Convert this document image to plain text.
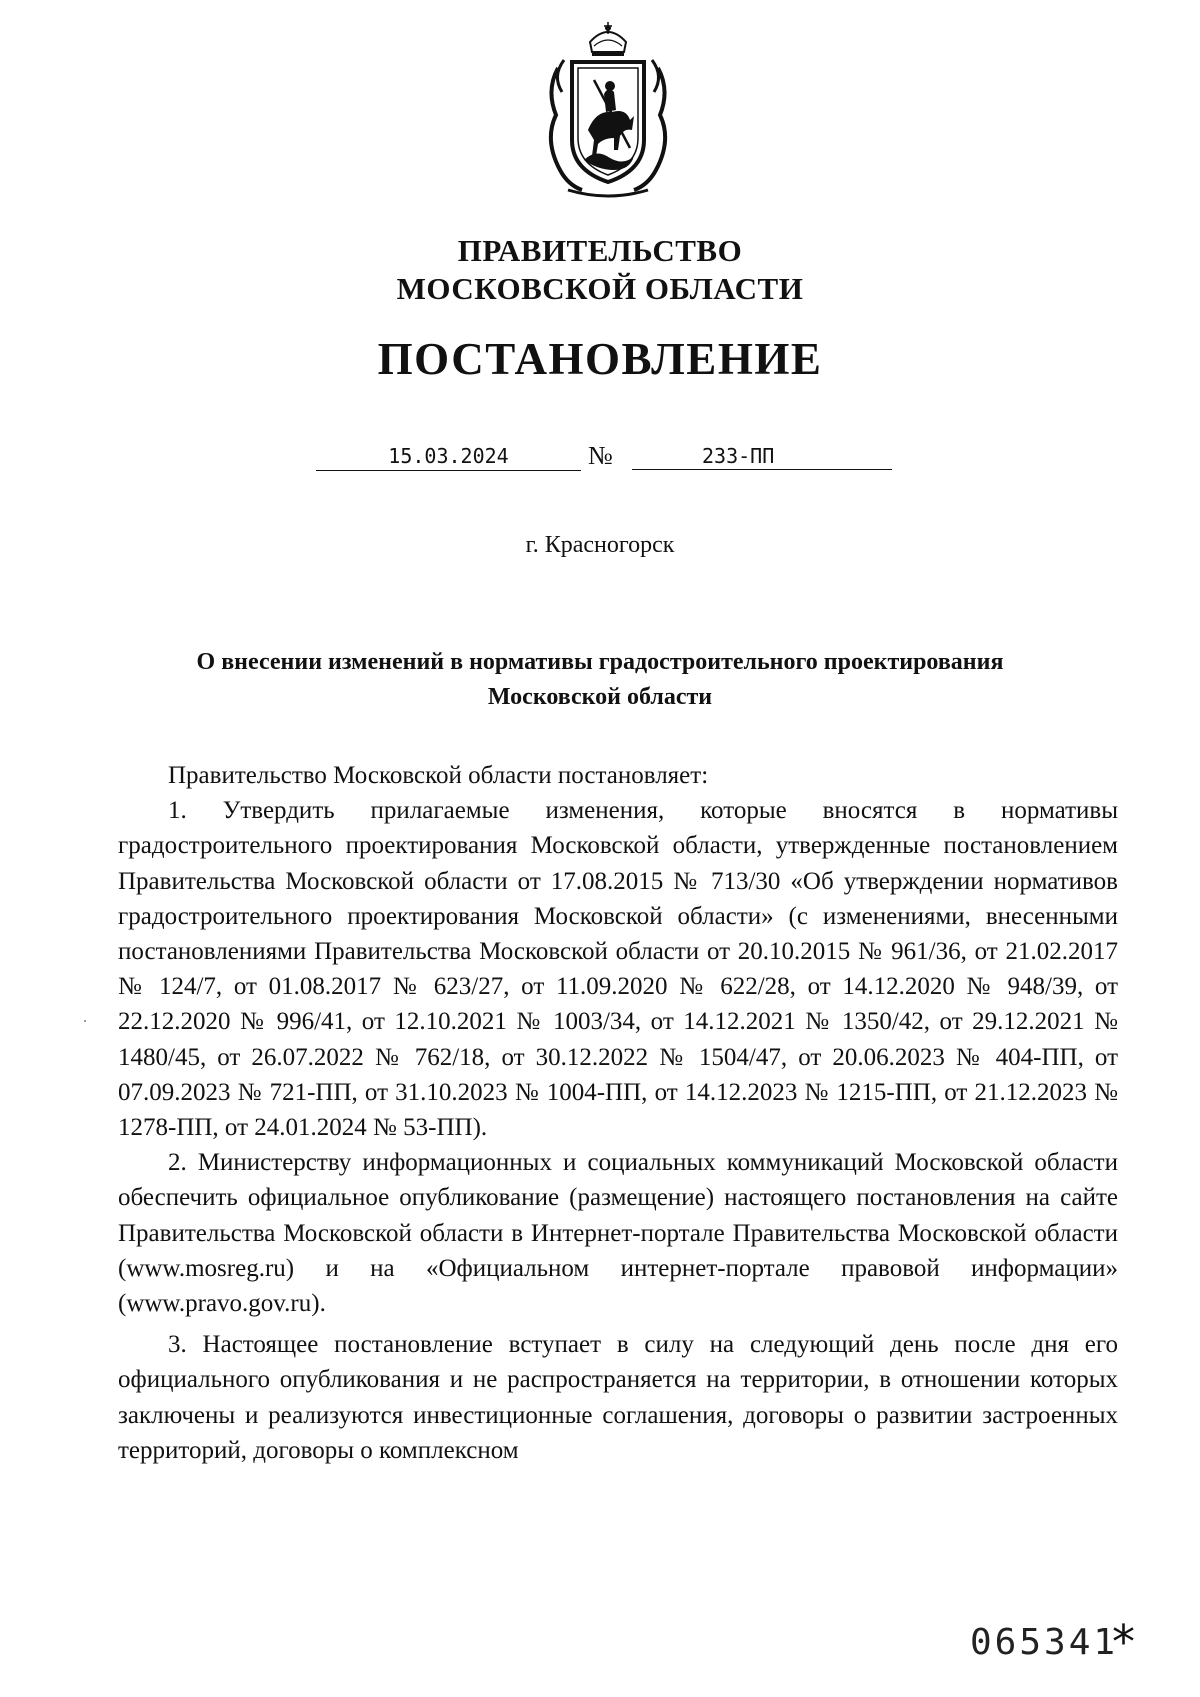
ПРАВИТЕЛЬСТВО
МОСКОВСКОЙ ОБЛАСТИ
ПОСТАНОВЛЕНИЕ
15.03.2024	№	233-ПП
г. Красногорск
О внесении изменений в нормативы градостроительного проектирования
Московской области

Правительство Московской области постановляет:

1. Утвердить прилагаемые изменения, которые вносятся в нормативы градостроительного проектирования Московской области, утвержденные постановлением Правительства Московской области от 17.08.2015 № 713/30 «Об утверждении нормативов градостроительного проектирования Московской области» (с изменениями, внесенными постановлениями Правительства Московской области от 20.10.2015 № 961/36, от 21.02.2017 № 124/7, от 01.08.2017 № 623/27, от 11.09.2020 № 622/28, от 14.12.2020 № 948/39, от 22.12.2020 № 996/41, от 12.10.2021 № 1003/34, от 14.12.2021 № 1350/42, от 29.12.2021 № 1480/45, от 26.07.2022 № 762/18, от 30.12.2022 № 1504/47, от 20.06.2023 № 404-ПП, от 07.09.2023 № 721-ПП, от 31.10.2023 № 1004-ПП, от 14.12.2023 № 1215-ПП, от 21.12.2023 № 1278-ПП, от 24.01.2024 № 53-ПП).

2. Министерству информационных и социальных коммуникаций Московской области обеспечить официальное опубликование (размещение) настоящего постановления на сайте Правительства Московской области в Интернет-портале Правительства Московской области (www.mosreg.ru) и на «Официальном интернет-портале правовой информации» (www.pravo.gov.ru).

3. Настоящее постановление вступает в силу на следующий день после дня его официального опубликования и не распространяется на территории, в отношении которых заключены и реализуются инвестиционные соглашения, договоры о развитии застроенных территорий, договоры о комплексном

065341
*
